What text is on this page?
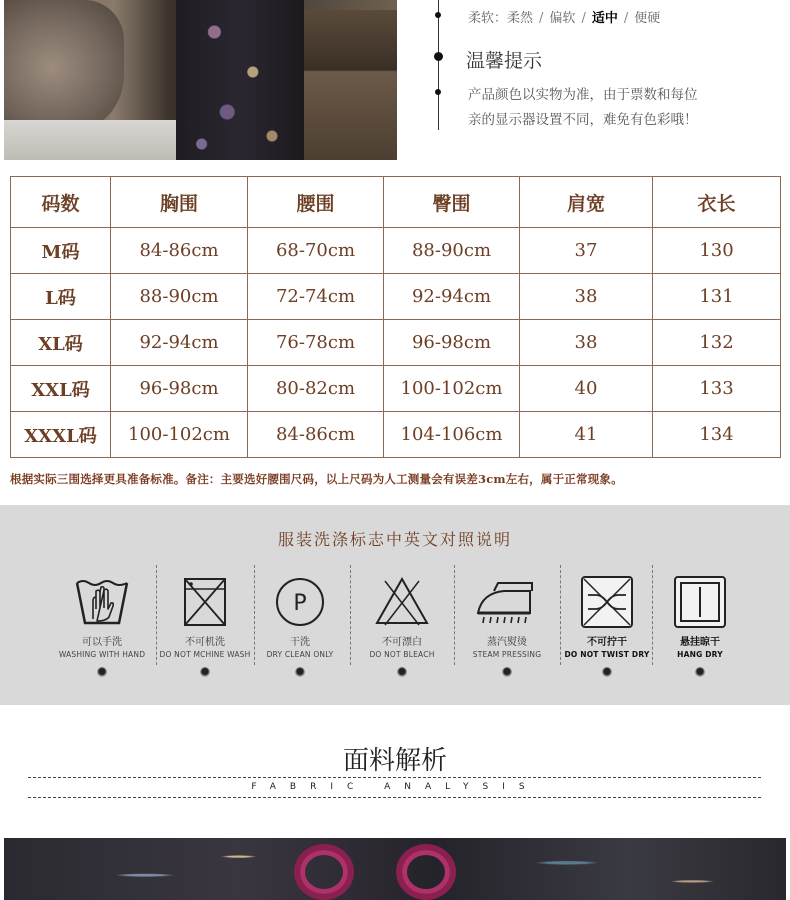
柔软：柔然 / 偏软 / 适中 / 便硬
温馨提示
产品颜色以实物为准，由于票数和每位
亲的显示器设置不同，难免有色彩哦！
码数	胸围	腰围	臀围	肩宽	衣长
M码	84-86cm	68-70cm	88-90cm	37	130
L码	88-90cm	72-74cm	92-94cm	38	131
XL码	92-94cm	76-78cm	96-98cm	38	132
XXL码	96-98cm	80-82cm	100-102cm	40	133
XXXL码	100-102cm	84-86cm	104-106cm	41	134
根据实际三围选择更具准备标准。备注：主要选好腰围尺码，以上尺码为人工测量会有误差3cm左右，属于正常现象。
服装洗涤标志中英文对照说明
可以手洗
WASHING WITH HAND
不可机洗
DO NOT MCHINE WASH
P
干洗
DRY CLEAN ONLY
不可漂白
DO NOT BLEACH
蒸汽熨烫
STEAM PRESSING
不可拧干
DO NOT TWIST DRY
悬挂晾干
HANG DRY
面料解析
FABRIC ANALYSIS
